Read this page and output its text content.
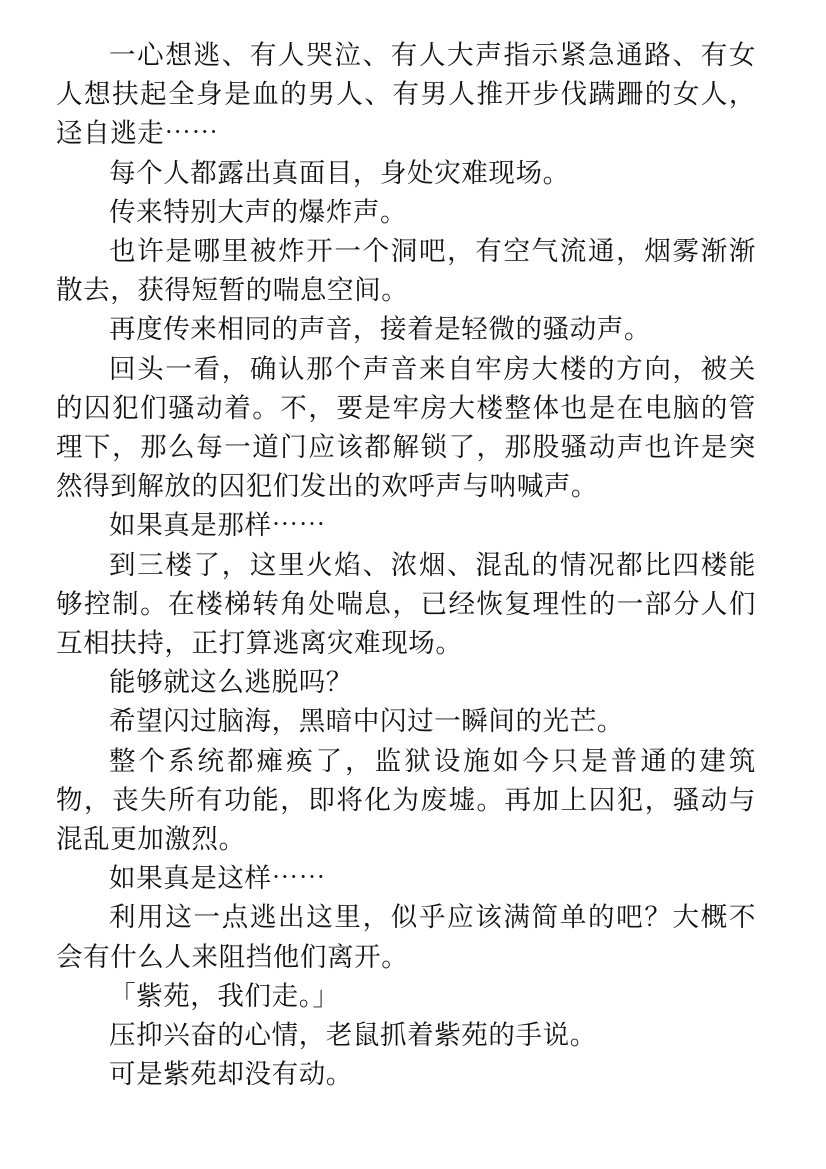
一心想逃、有人哭泣、有人大声指示紧急通路、有女人想扶起全身是血的男人、有男人推开步伐蹒跚的女人，迳自逃走⋯⋯

每个人都露出真面目，身处灾难现场。

传来特别大声的爆炸声。

也许是哪里被炸开一个洞吧，有空气流通，烟雾渐渐散去，获得短暂的喘息空间。

再度传来相同的声音，接着是轻微的骚动声。

回头一看，确认那个声音来自牢房大楼的方向，被关的囚犯们骚动着。不，要是牢房大楼整体也是在电脑的管理下，那么每一道门应该都解锁了，那股骚动声也许是突然得到解放的囚犯们发出的欢呼声与呐喊声。

如果真是那样⋯⋯

到三楼了，这里火焰、浓烟、混乱的情况都比四楼能够控制。在楼梯转角处喘息，已经恢复理性的一部分人们互相扶持，正打算逃离灾难现场。

能够就这么逃脱吗？

希望闪过脑海，黑暗中闪过一瞬间的光芒。

整个系统都瘫痪了，监狱设施如今只是普通的建筑物，丧失所有功能，即将化为废墟。再加上囚犯，骚动与混乱更加激烈。

如果真是这样⋯⋯

利用这一点逃出这里，似乎应该满简单的吧？大概不会有什么人来阻挡他们离开。

「紫苑，我们走。」

压抑兴奋的心情，老鼠抓着紫苑的手说。

可是紫苑却没有动。
